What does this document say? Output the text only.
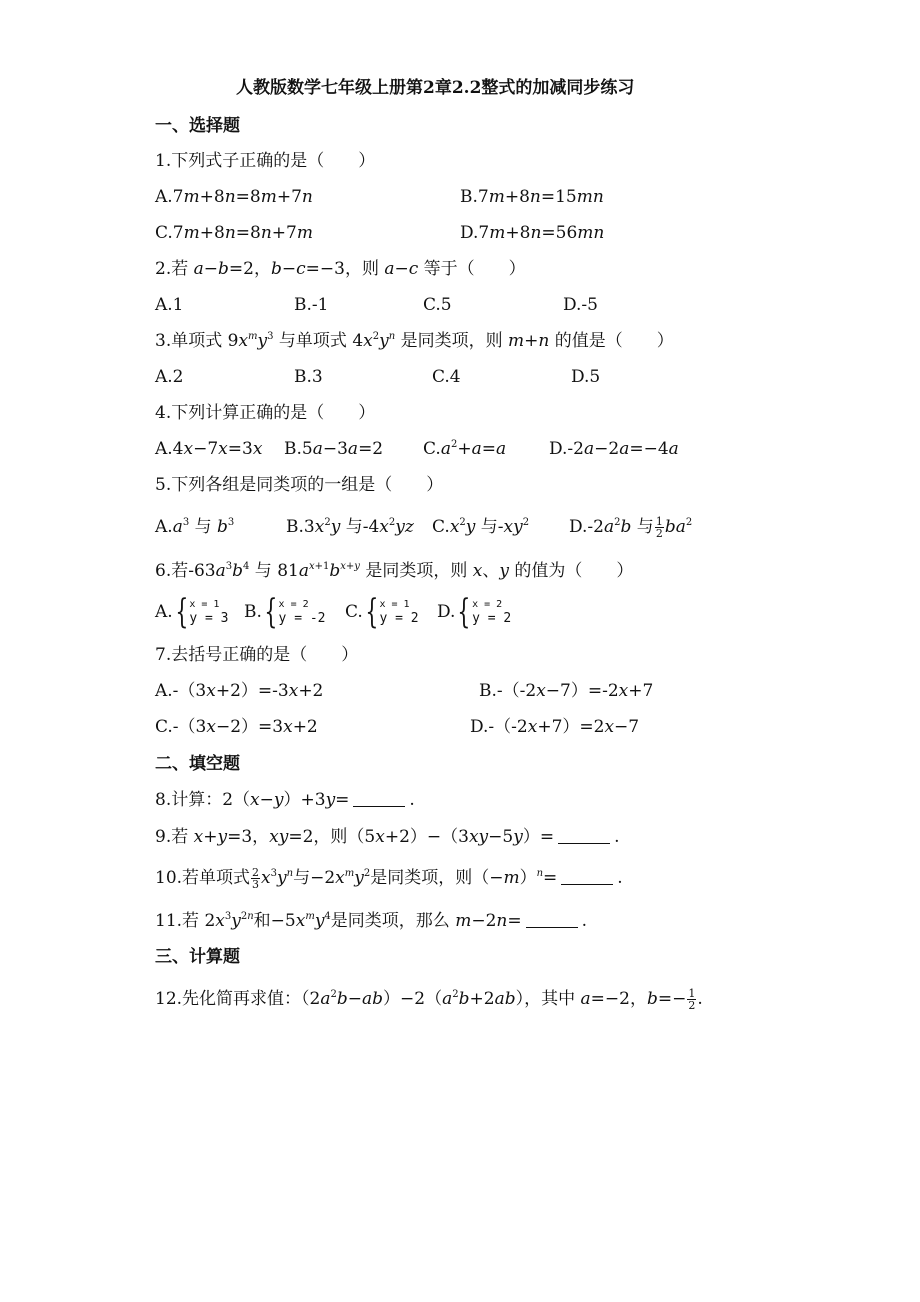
人教版数学七年级上册第2章2.2整式的加减同步练习
一、选择题
1.下列式子正确的是（　　）
A.7m+8n=8m+7n	B.7m+8n=15mn
C.7m+8n=8n+7m	D.7m+8n=56mn
2.若 a−b=2，b−c=−3，则 a−c 等于（　　）
A.1	B.-1	C.5	D.-5
3.单项式 $9x^my^3$ 与单项式 $4x^2y^n$ 是同类项，则 m+n 的值是（　　）
A.2	B.3	C.4	D.5
4.下列计算正确的是（　　）
A.4x−7x=3x B.5a−3a=2 $C.a^2+a=a$	D.-2a−2a=−4a
5.下列各组是同类项的一组是（　　）
$A.a^3$ 与 $b^3$	$B.3x^2y$ 与$-4x^2yz$ $C.x^2y$ 与$-xy^2$ $D.-2a^2b$ 与 $\frac{1}{2} ba^2$
6.若$-63a^3b^4$ 与 $81a^{x+1}b^{x+y}$ 是同类项，则 x、y 的值为（　　）
A. { x = 1
y = 3 B. { x = 2
y = -2 C. { x = 1
y = 2 D. { x = 2
y = 2
7.去括号正确的是（　　）
A.-（3x+2）=-3x+2	B.-（-2x−7）=-2x+7
C.-（3x−2）=3x+2	D.-（-2x+7）=2x−7
二、填空题
8.计算：2（x−y）+3y=	.
9.若 x+y=3，xy=2，则（5x+2）−（3xy−5y）=	.
10.若单项式 $\frac{2}{3} x^3y^n$与$-2x^my^2$是同类项，则$(-m)^n=$	.
11.若 $2x^3y^{2n}$和$-5x^my^4$是同类项，那么 m−2n=	.
三、计算题
12.先化简再求值：$(2a^2b-ab)-2(a^2b+2ab)$，其中 a=−2，$b=- \frac{1}{2}$ .
